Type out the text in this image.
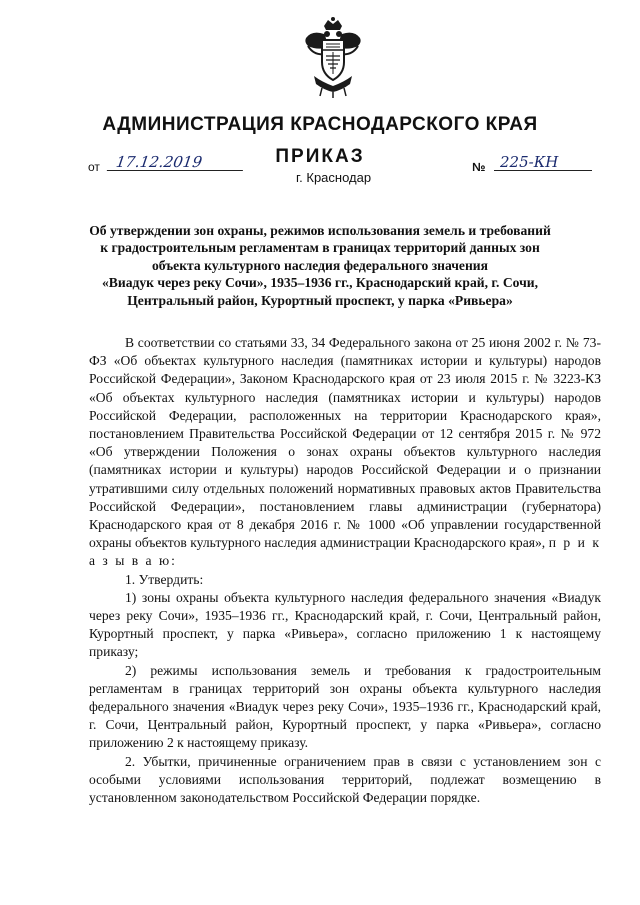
АДМИНИСТРАЦИЯ КРАСНОДАРСКОГО КРАЯ
ПРИКАЗ
от 17.12.2019
г. Краснодар
№ 225-КН
Об утверждении зон охраны, режимов использования земель и требований
к градостроительным регламентам в границах территорий данных зон
объекта культурного наследия федерального значения
«Виадук через реку Сочи», 1935–1936 гг., Краснодарский край, г. Сочи,
Центральный район, Курортный проспект, у парка «Ривьера»

В соответствии со статьями 33, 34 Федерального закона от 25 июня 2002 г. № 73-ФЗ «Об объектах культурного наследия (памятниках истории и культуры) народов Российской Федерации», Законом Краснодарского края от 23 июля 2015 г. № 3223-КЗ «Об объектах культурного наследия (памятниках истории и культуры) народов Российской Федерации, расположенных на территории Краснодарского края», постановлением Правительства Российской Федерации от 12 сентября 2015 г. № 972 «Об утверждении Положения о зонах охраны объектов культурного наследия (памятниках истории и культуры) народов Российской Федерации и о признании утратившими силу отдельных положений нормативных правовых актов Правительства Российской Федерации», постановлением главы администрации (губернатора) Краснодарского края от 8 декабря 2016 г. № 1000 «Об управлении государственной охраны объектов культурного наследия администрации Краснодарского края», п р и к а з ы в а ю:

1. Утвердить:

1) зоны охраны объекта культурного наследия федерального значения «Виадук через реку Сочи», 1935–1936 гг., Краснодарский край, г. Сочи, Центральный район, Курортный проспект, у парка «Ривьера», согласно приложению 1 к настоящему приказу;

2) режимы использования земель и требования к градостроительным регламентам в границах территорий зон охраны объекта культурного наследия федерального значения «Виадук через реку Сочи», 1935–1936 гг., Краснодарский край, г. Сочи, Центральный район, Курортный проспект, у парка «Ривьера», согласно приложению 2 к настоящему приказу.

2. Убытки, причиненные ограничением прав в связи с установлением зон с особыми условиями использования территорий, подлежат возмещению в установленном законодательством Российской Федерации порядке.
